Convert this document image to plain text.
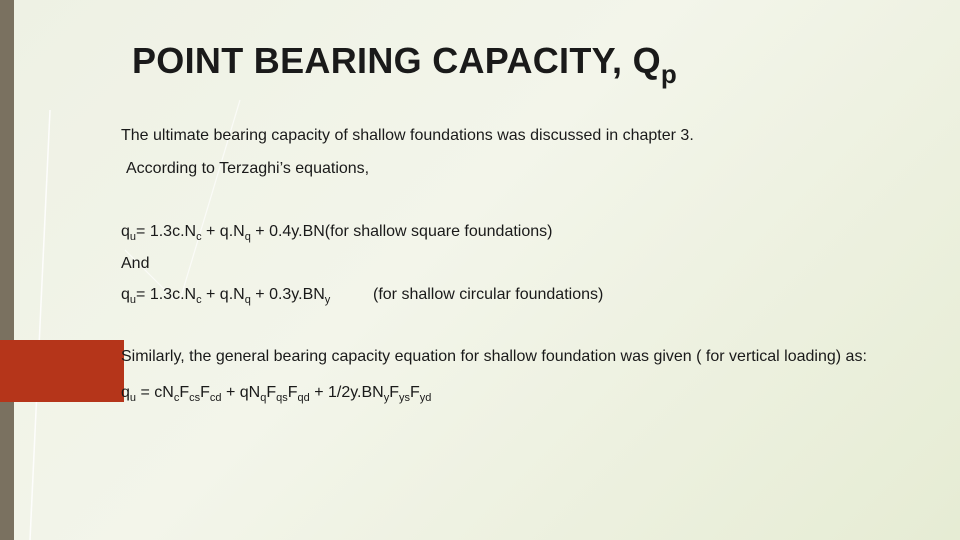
POINT BEARING CAPACITY, $Q_p$
The ultimate bearing capacity of shallow foundations was discussed in chapter 3.
According to Terzaghi’s equations,
$q_u= 1.3c.N_c + q.N_q + 0.4y.BN(for$ shallow square foundations)
And
$q_u= 1.3c.N_c + q.N_q + 0.3y.BN_y$	(for shallow circular foundations)
Similarly, the general bearing capacity equation for shallow foundation was given ( for vertical loading) as:
$q_u = cN_cF_{cs}F_{cd} + qN_qF_{qs}F_{qd} + 1/2y.BN_yF_{ys}F_{yd}$
